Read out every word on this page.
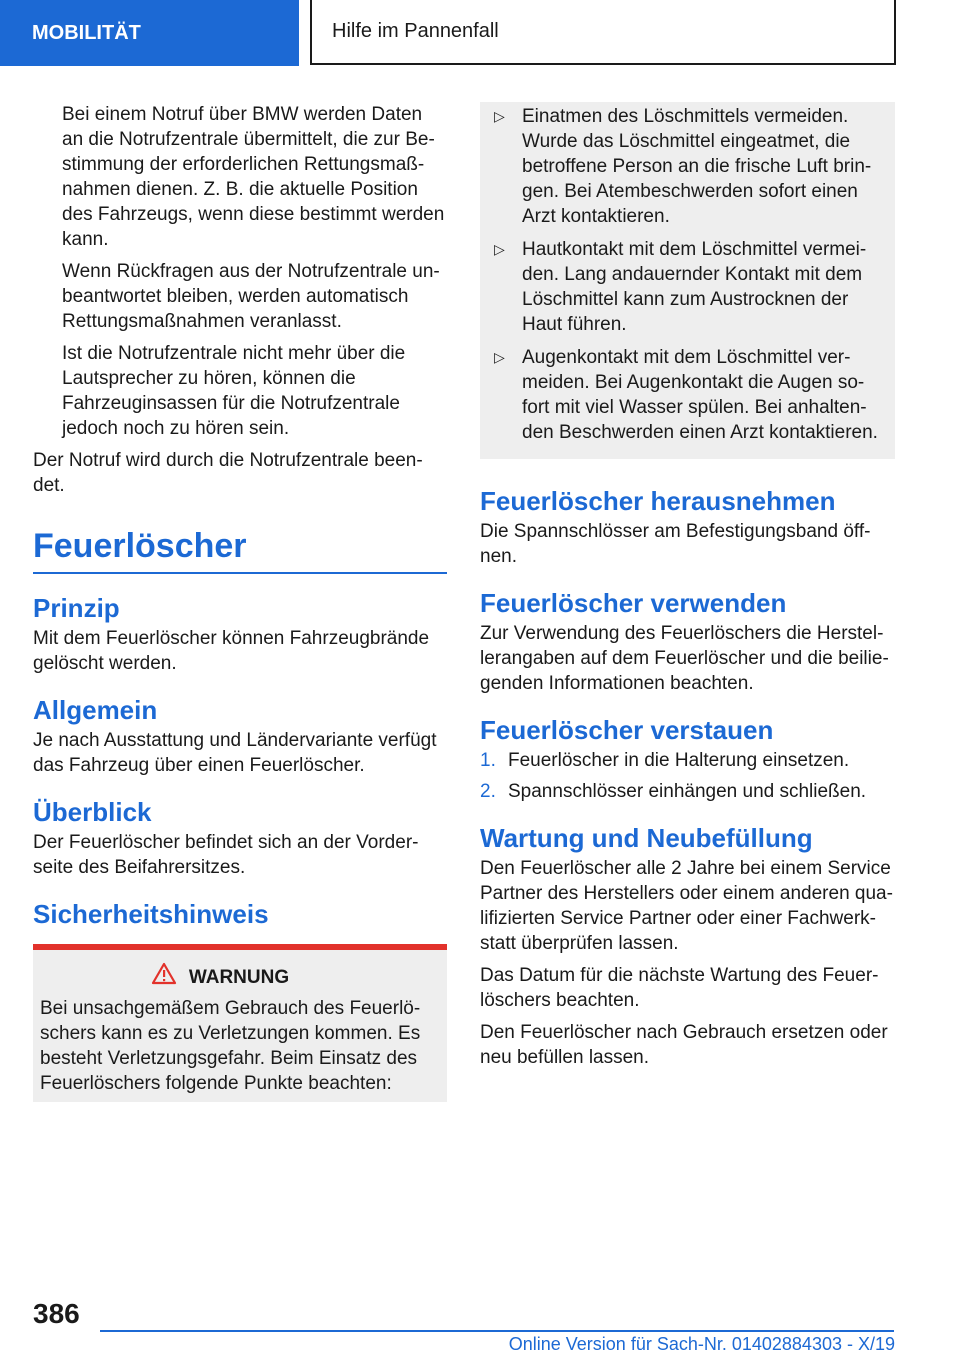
MOBILITÄT	Hilfe im Pannenfall

Bei einem Notruf über BMW werden Daten an die Notrufzentrale übermittelt, die zur Bestimmung der erforderlichen Rettungsmaßnahmen dienen. Z. B. die aktuelle Position des Fahrzeugs, wenn diese bestimmt werden kann.

Wenn Rückfragen aus der Notrufzentrale unbeantwortet bleiben, werden automatisch Rettungsmaßnahmen veranlasst.

Ist die Notrufzentrale nicht mehr über die Lautsprecher zu hören, können die Fahrzeuginsassen für die Notrufzentrale jedoch noch zu hören sein.

Der Notruf wird durch die Notrufzentrale beendet.

Feuerlöscher
Prinzip

Mit dem Feuerlöscher können Fahrzeugbrände gelöscht werden.

Allgemein

Je nach Ausstattung und Ländervariante verfügt das Fahrzeug über einen Feuerlöscher.

Überblick

Der Feuerlöscher befindet sich an der Vorderseite des Beifahrersitzes.

Sicherheitshinweis
WARNUNG

Bei unsachgemäßem Gebrauch des Feuerlöschers kann es zu Verletzungen kommen. Es besteht Verletzungsgefahr. Beim Einsatz des Feuerlöschers folgende Punkte beachten:

▷ Einatmen des Löschmittels vermeiden. Wurde das Löschmittel eingeatmet, die betroffene Person an die frische Luft bringen. Bei Atembeschwerden sofort einen Arzt kontaktieren.
▷ Hautkontakt mit dem Löschmittel vermeiden. Lang andauernder Kontakt mit dem Löschmittel kann zum Austrocknen der Haut führen.
▷ Augenkontakt mit dem Löschmittel vermeiden. Bei Augenkontakt die Augen sofort mit viel Wasser spülen. Bei anhaltenden Beschwerden einen Arzt kontaktieren.
Feuerlöscher herausnehmen

Die Spannschlösser am Befestigungsband öffnen.

Feuerlöscher verwenden

Zur Verwendung des Feuerlöschers die Herstellerangaben auf dem Feuerlöscher und die beiliegenden Informationen beachten.

Feuerlöscher verstauen
1. Feuerlöscher in die Halterung einsetzen.
2. Spannschlösser einhängen und schließen.
Wartung und Neubefüllung

Den Feuerlöscher alle 2 Jahre bei einem Service Partner des Herstellers oder einem anderen qualifizierten Service Partner oder einer Fachwerkstatt überprüfen lassen.

Das Datum für die nächste Wartung des Feuerlöschers beachten.

Den Feuerlöscher nach Gebrauch ersetzen oder neu befüllen lassen.

386
Online Version für Sach-Nr. 01402884303 - X/19
